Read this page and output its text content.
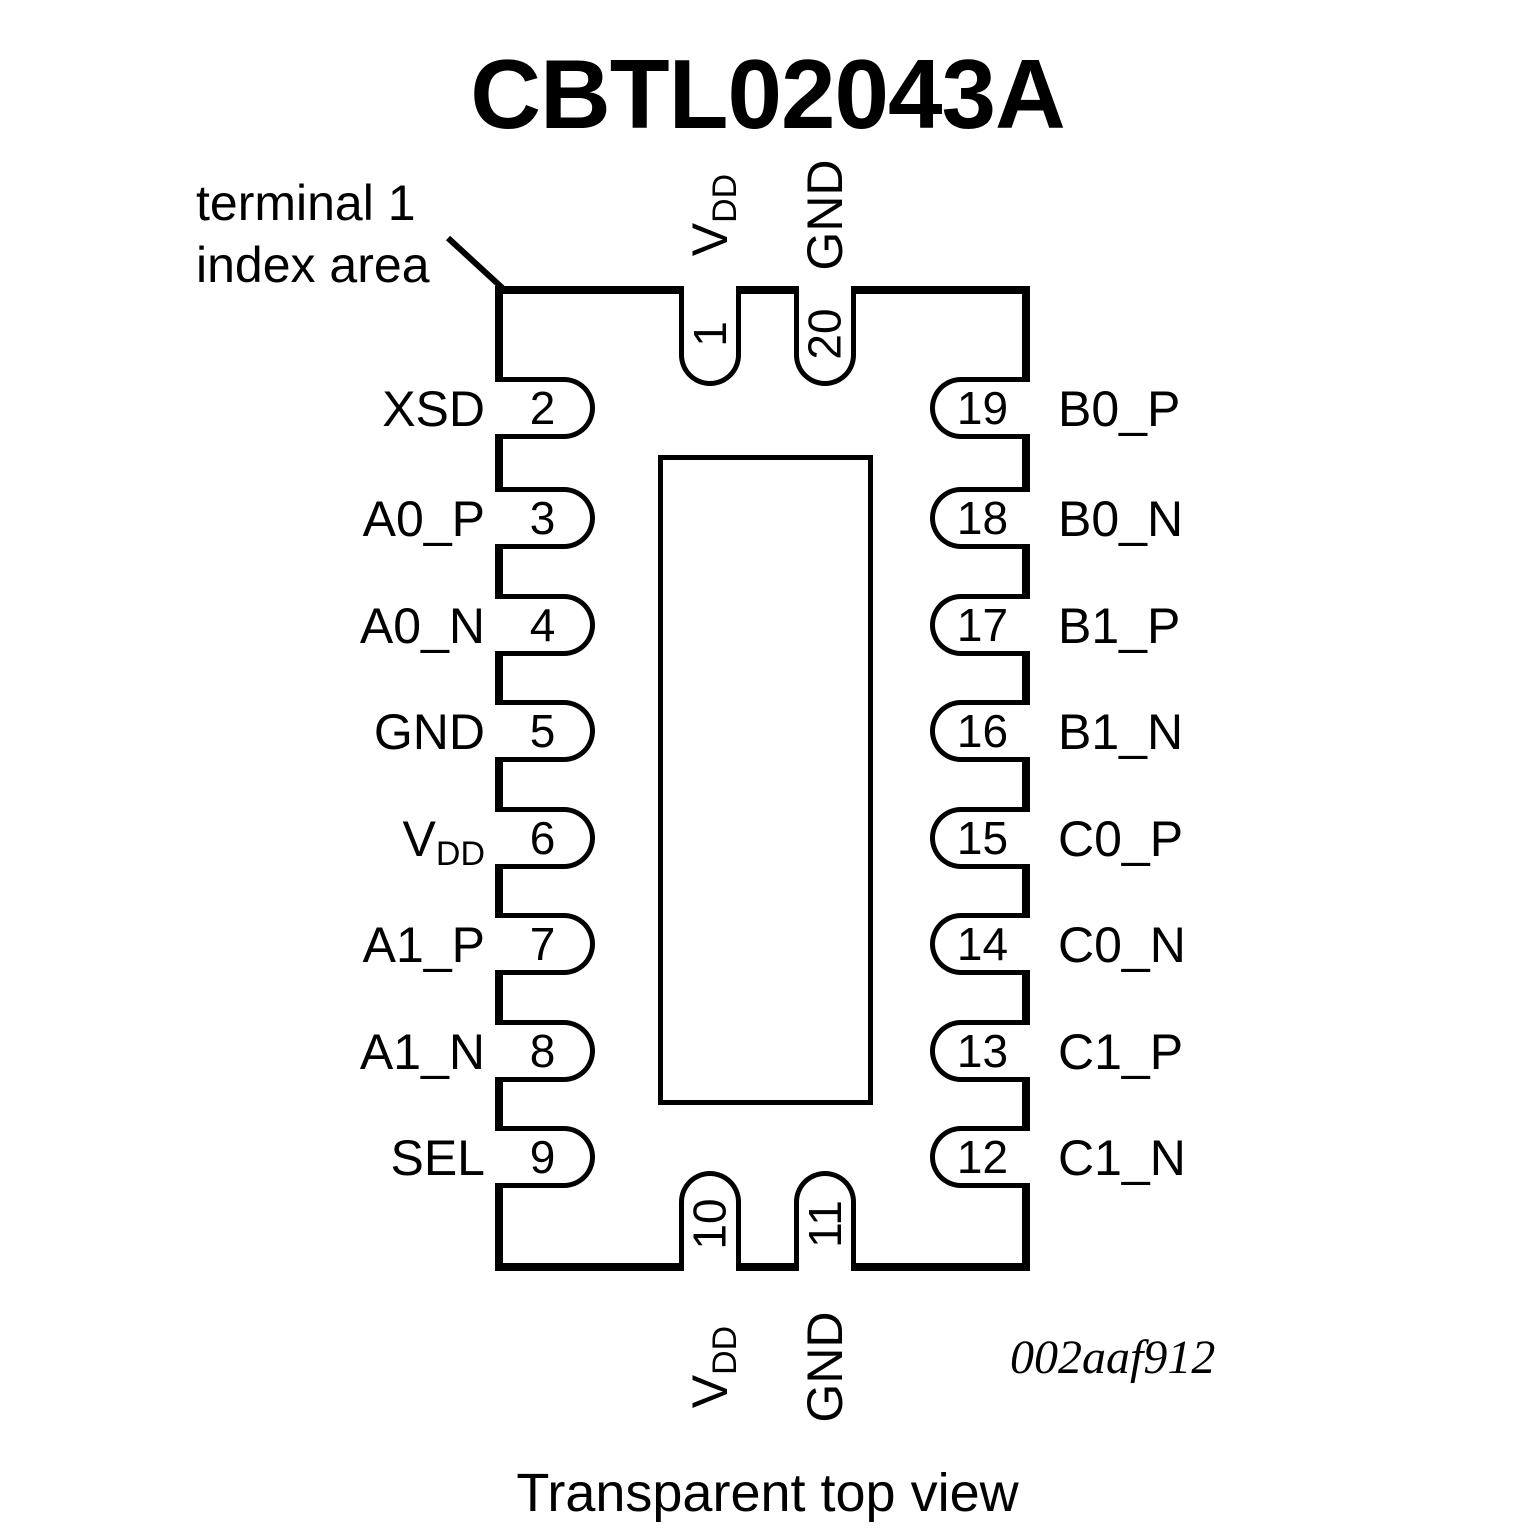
CBTL02043A
terminal 1
index area
1 20
$V_{DD}$ GND
10 11
$V_{DD}$ GND
2
3
4
5
6
7
8
9
XSD
A0_P
A0_N
GND
$V_{DD}$
A1_P
A1_N
SEL
19
18
17
16
15
14
13
12
B0_P
B0_N
B1_P
B1_N
C0_P
C0_N
C1_P
C1_N
002aaf912
Transparent top view
